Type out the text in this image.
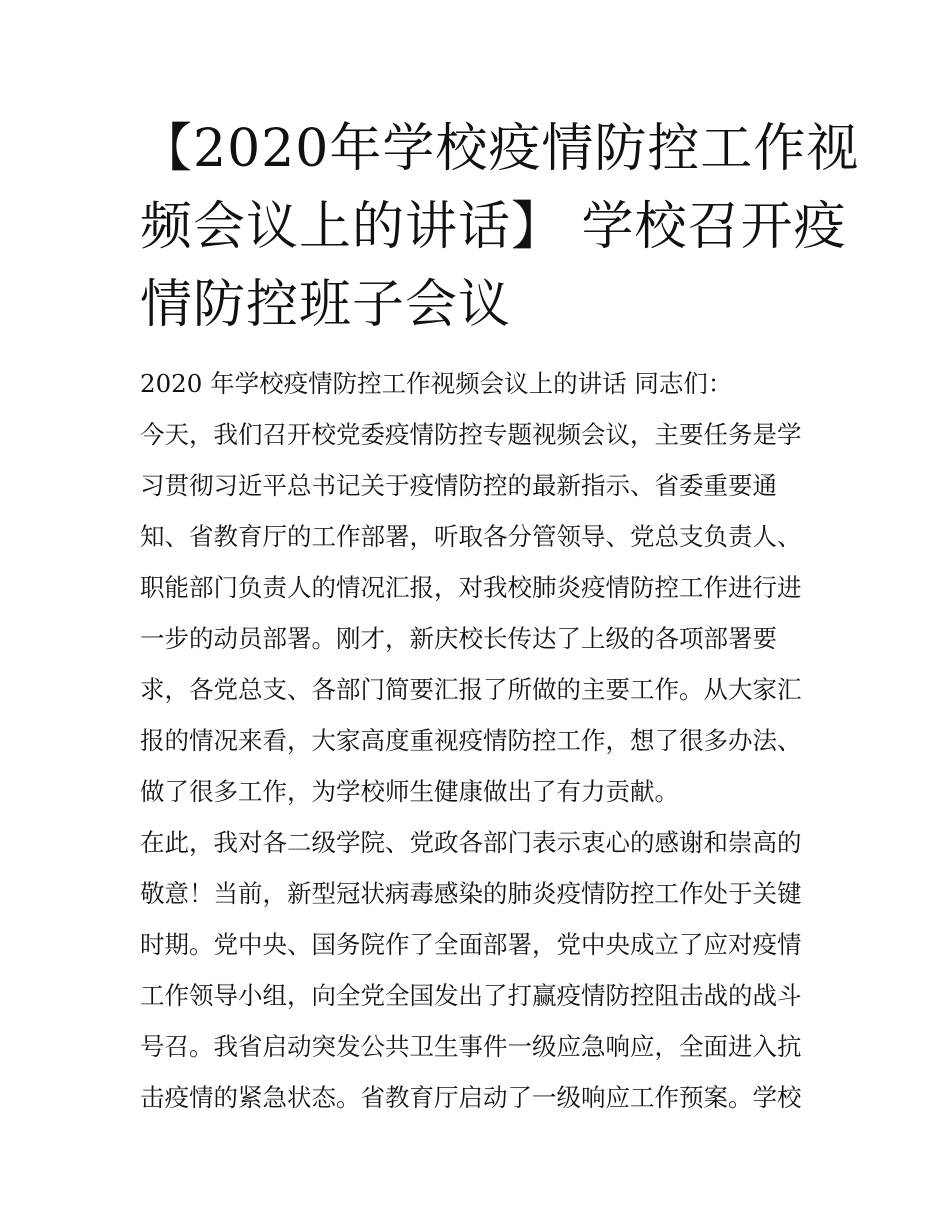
【2020年学校疫情防控工作视
频会议上的讲话】 学校召开疫
情防控班子会议
2020 年学校疫情防控工作视频会议上的讲话 同志们：
今天，我们召开校党委疫情防控专题视频会议，主要任务是学
习贯彻习近平总书记关于疫情防控的最新指示、省委重要通
知、省教育厅的工作部署，听取各分管领导、党总支负责人、
职能部门负责人的情况汇报，对我校肺炎疫情防控工作进行进
一步的动员部署。刚才，新庆校长传达了上级的各项部署要
求，各党总支、各部门简要汇报了所做的主要工作。从大家汇
报的情况来看，大家高度重视疫情防控工作，想了很多办法、
做了很多工作，为学校师生健康做出了有力贡献。
在此，我对各二级学院、党政各部门表示衷心的感谢和崇高的
敬意！当前，新型冠状病毒感染的肺炎疫情防控工作处于关键
时期。党中央、国务院作了全面部署，党中央成立了应对疫情
工作领导小组，向全党全国发出了打赢疫情防控阻击战的战斗
号召。我省启动突发公共卫生事件一级应急响应，全面进入抗
击疫情的紧急状态。省教育厅启动了一级响应工作预案。学校
